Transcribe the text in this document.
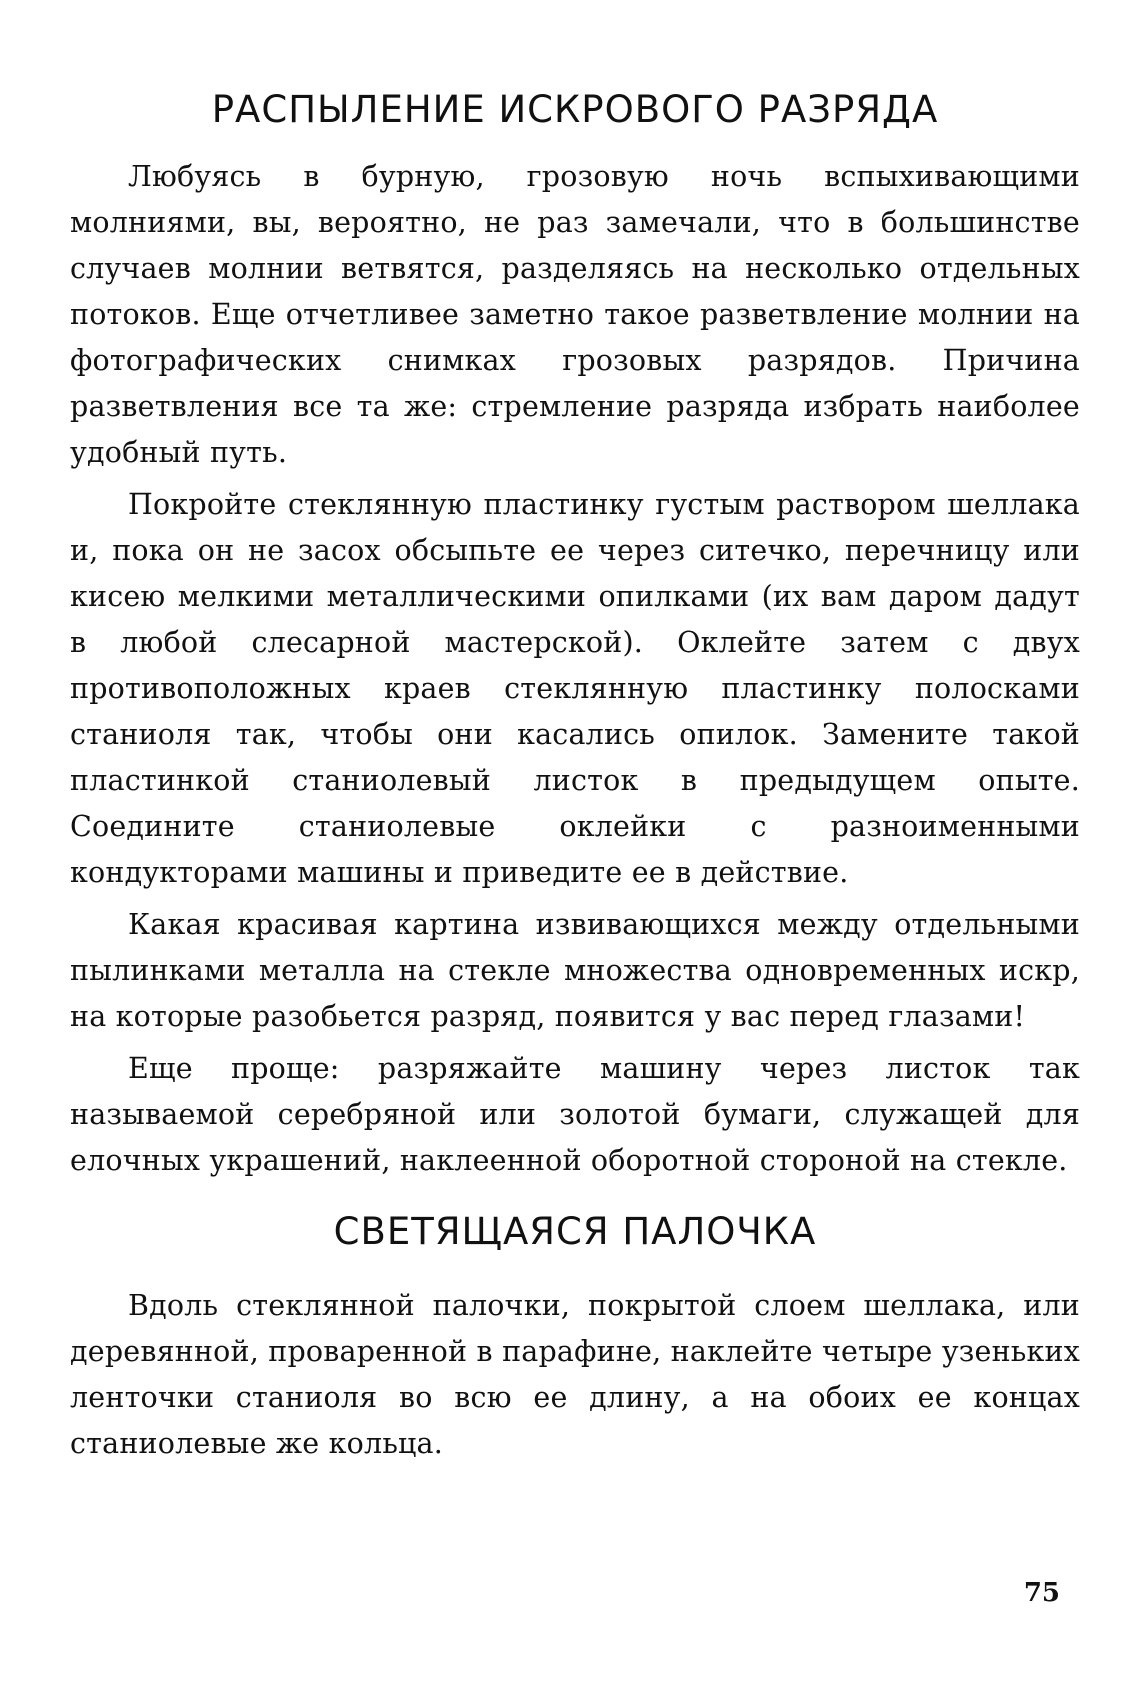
РАСПЫЛЕНИЕ ИСКРОВОГО РАЗРЯДА

Любуясь в бурную, грозовую ночь вспыхивающими молниями, вы, вероятно, не раз замечали, что в большинстве случаев молнии ветвятся, разделяясь на несколько отдельных потоков. Еще отчетливее заметно такое разветвление молнии на фотографических снимках грозовых разрядов. Причина разветвления все та же: стремление разряда избрать наиболее удобный путь.

Покройте стеклянную пластинку густым раствором шеллака и, пока он не засох обсыпьте ее через ситечко, перечницу или кисею мелкими металлическими опилками (их вам даром дадут в любой слесарной мастерской). Оклейте затем с двух противоположных краев стеклянную пластинку полосками станиоля так, чтобы они касались опилок. Замените такой пластинкой станиолевый листок в предыдущем опыте. Соедините станиолевые оклейки с разноименными кондукторами машины и приведите ее в действие.

Какая красивая картина извивающихся между отдельными пылинками металла на стекле множества одновременных искр, на которые разобьется разряд, появится у вас перед глазами!

Еще проще: разряжайте машину через листок так называемой серебряной или золотой бумаги, служащей для елочных украшений, наклеенной оборотной стороной на стекле.

СВЕТЯЩАЯСЯ ПАЛОЧКА

Вдоль стеклянной палочки, покрытой слоем шеллака, или деревянной, проваренной в парафине, наклейте четыре узеньких ленточки станиоля во всю ее длину, а на обоих ее концах станиолевые же кольца.

75
